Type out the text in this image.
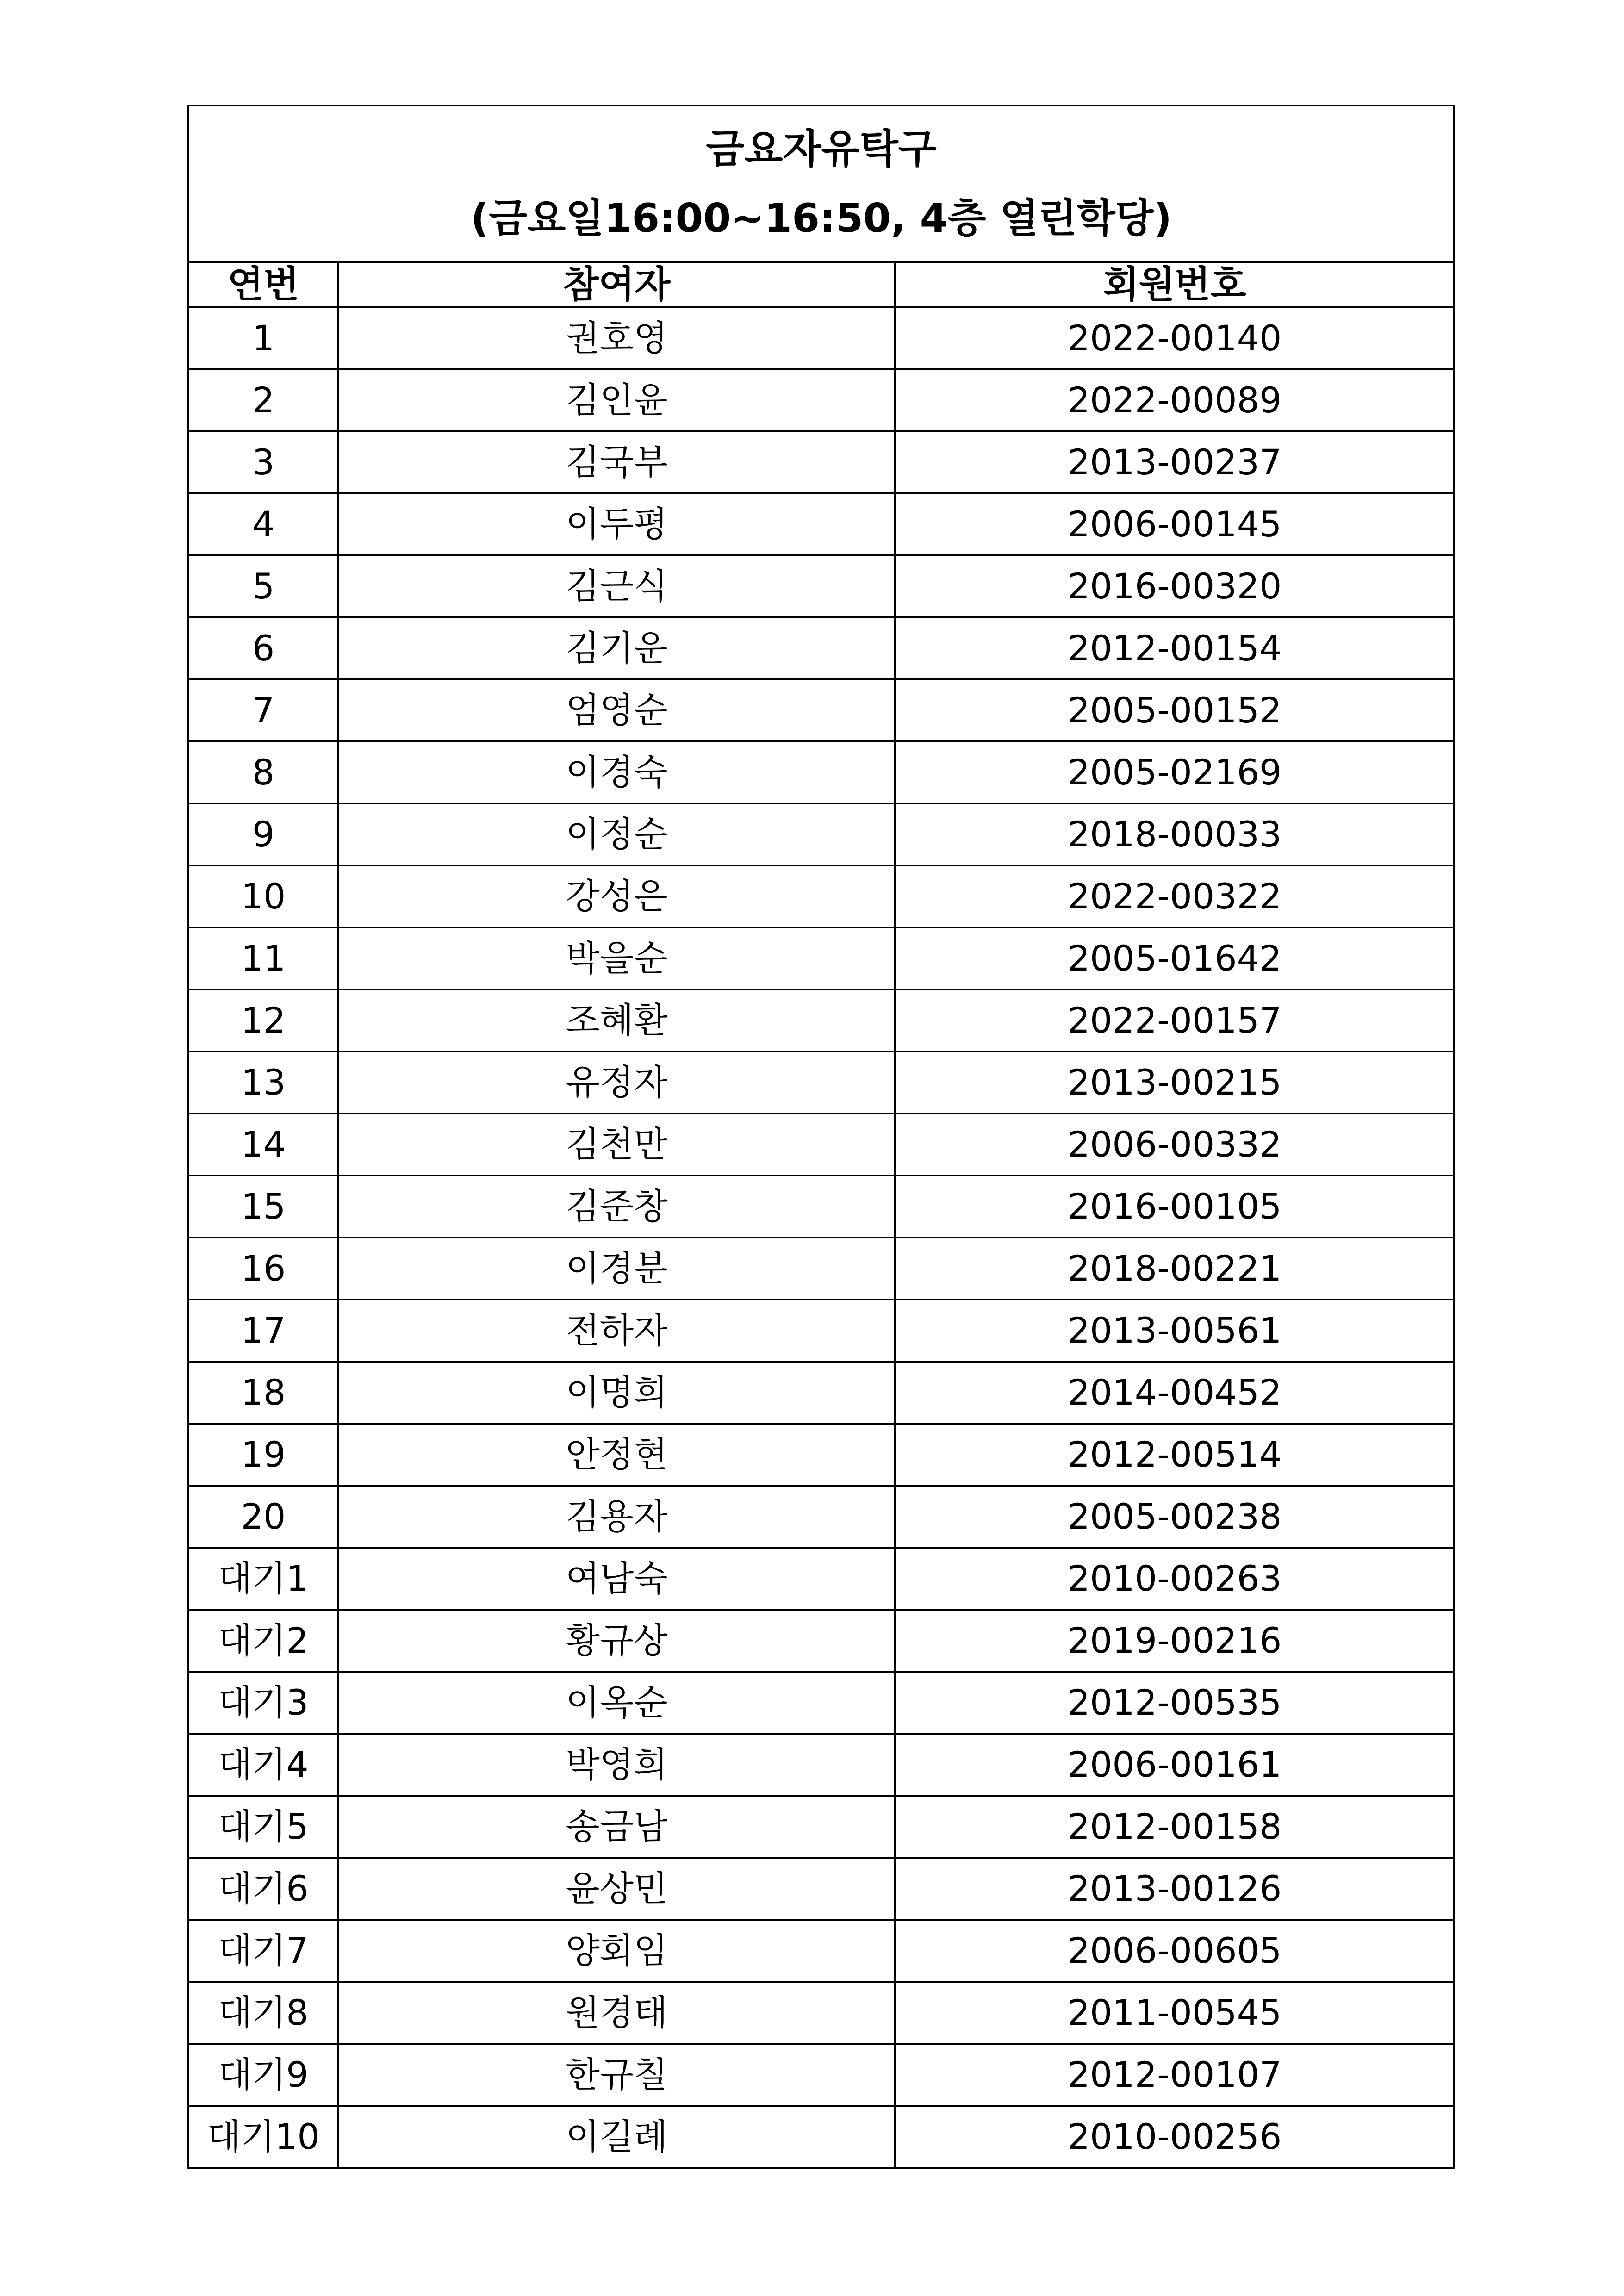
금요자유탁구
(금요일16:00~16:50, 4층 열린학당)		

연번	참여자	회원번호
1	권호영	2022-00140
2	김인윤	2022-00089
3	김국부	2013-00237
4	이두평	2006-00145
5	김근식	2016-00320
6	김기운	2012-00154
7	엄영순	2005-00152
8	이경숙	2005-02169
9	이정순	2018-00033
10	강성은	2022-00322
11	박을순	2005-01642
12	조혜환	2022-00157
13	유정자	2013-00215
14	김천만	2006-00332
15	김준창	2016-00105
16	이경분	2018-00221
17	전하자	2013-00561
18	이명희	2014-00452
19	안정현	2012-00514
20	김용자	2005-00238
대기1	여남숙	2010-00263
대기2	황규상	2019-00216
대기3	이옥순	2012-00535
대기4	박영희	2006-00161
대기5	송금남	2012-00158
대기6	윤상민	2013-00126
대기7	양회임	2006-00605
대기8	원경태	2011-00545
대기9	한규칠	2012-00107
대기10	이길례	2010-00256
